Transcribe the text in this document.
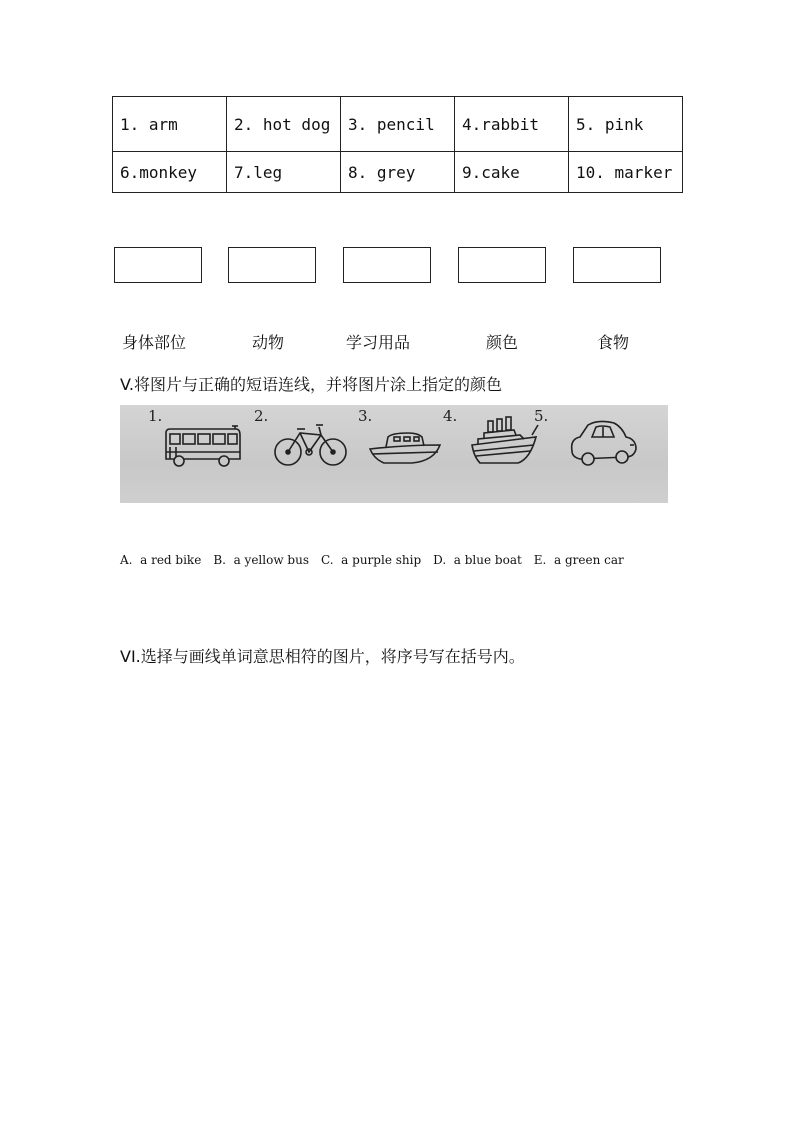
1. arm	2. hot dog	3. pencil	4.rabbit	5. pink
6.monkey	7.leg	8. grey	9.cake	10. marker
身体部位	动物	学习用品	颜色	食物
V.将图片与正确的短语连线，并将图片涂上指定的颜色
1.	2.	3.	4.	5.
A.  a red bike B.  a yellow bus C.  a purple ship D.  a blue boat E.  a green car
VI.选择与画线单词意思相符的图片，将序号写在括号内。
